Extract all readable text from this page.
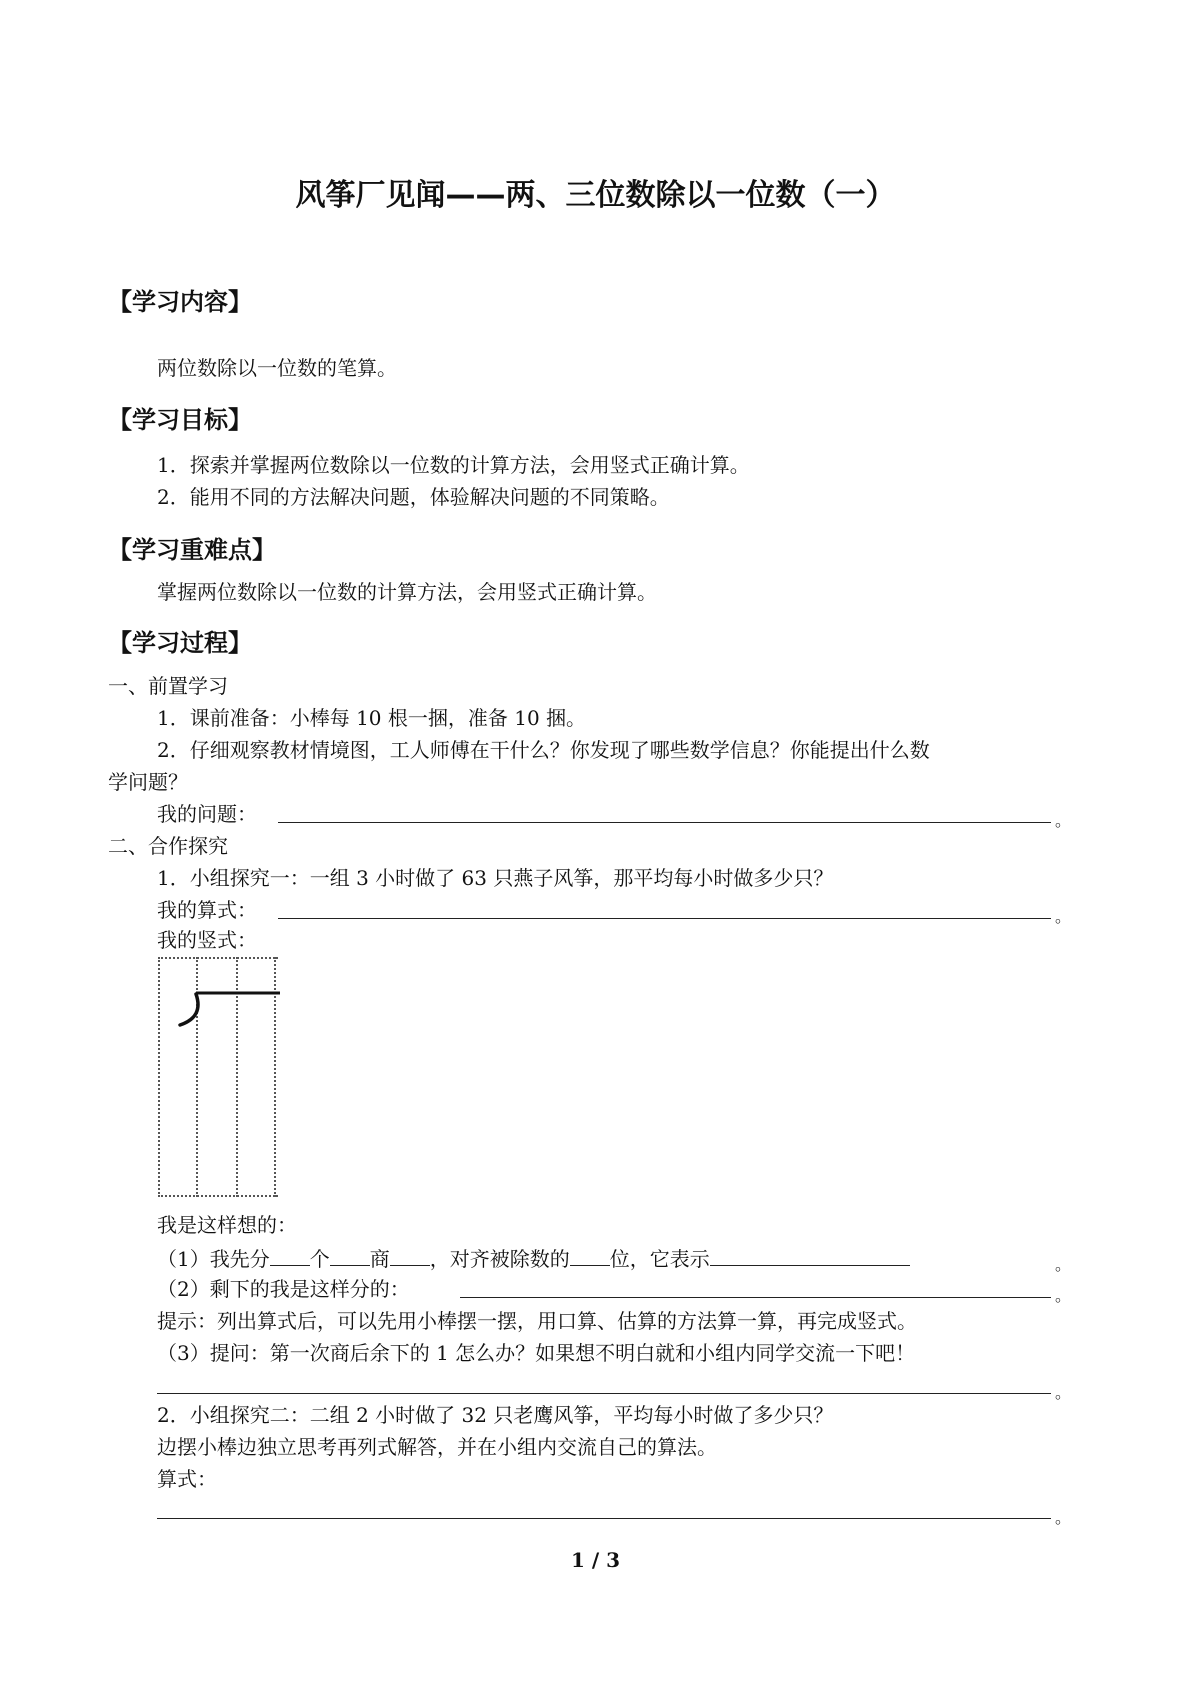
风筝厂见闻——两、三位数除以一位数（一）
【学习内容】
两位数除以一位数的笔算。
【学习目标】
1．探索并掌握两位数除以一位数的计算方法，会用竖式正确计算。
2．能用不同的方法解决问题，体验解决问题的不同策略。
【学习重难点】
掌握两位数除以一位数的计算方法，会用竖式正确计算。
【学习过程】
一、前置学习
1．课前准备：小棒每 10 根一捆，准备 10 捆。
2．仔细观察教材情境图，工人师傅在干什么？你发现了哪些数学信息？你能提出什么数
学问题？
我的问题：	。
二、合作探究
1．小组探究一：一组 3 小时做了 63 只燕子风筝，那平均每小时做多少只？
我的算式：	。
我的竖式：
我是这样想的：
（1）我先分 个 商 ，对齐被除数的 位，它表示	。
（2）剩下的我是这样分的：	。
提示：列出算式后，可以先用小棒摆一摆，用口算、估算的方法算一算，再完成竖式。
（3）提问：第一次商后余下的 1 怎么办？如果想不明白就和小组内同学交流一下吧！
。
2．小组探究二：二组 2 小时做了 32 只老鹰风筝，平均每小时做了多少只？
边摆小棒边独立思考再列式解答，并在小组内交流自己的算法。
算式：
。
1 / 3
